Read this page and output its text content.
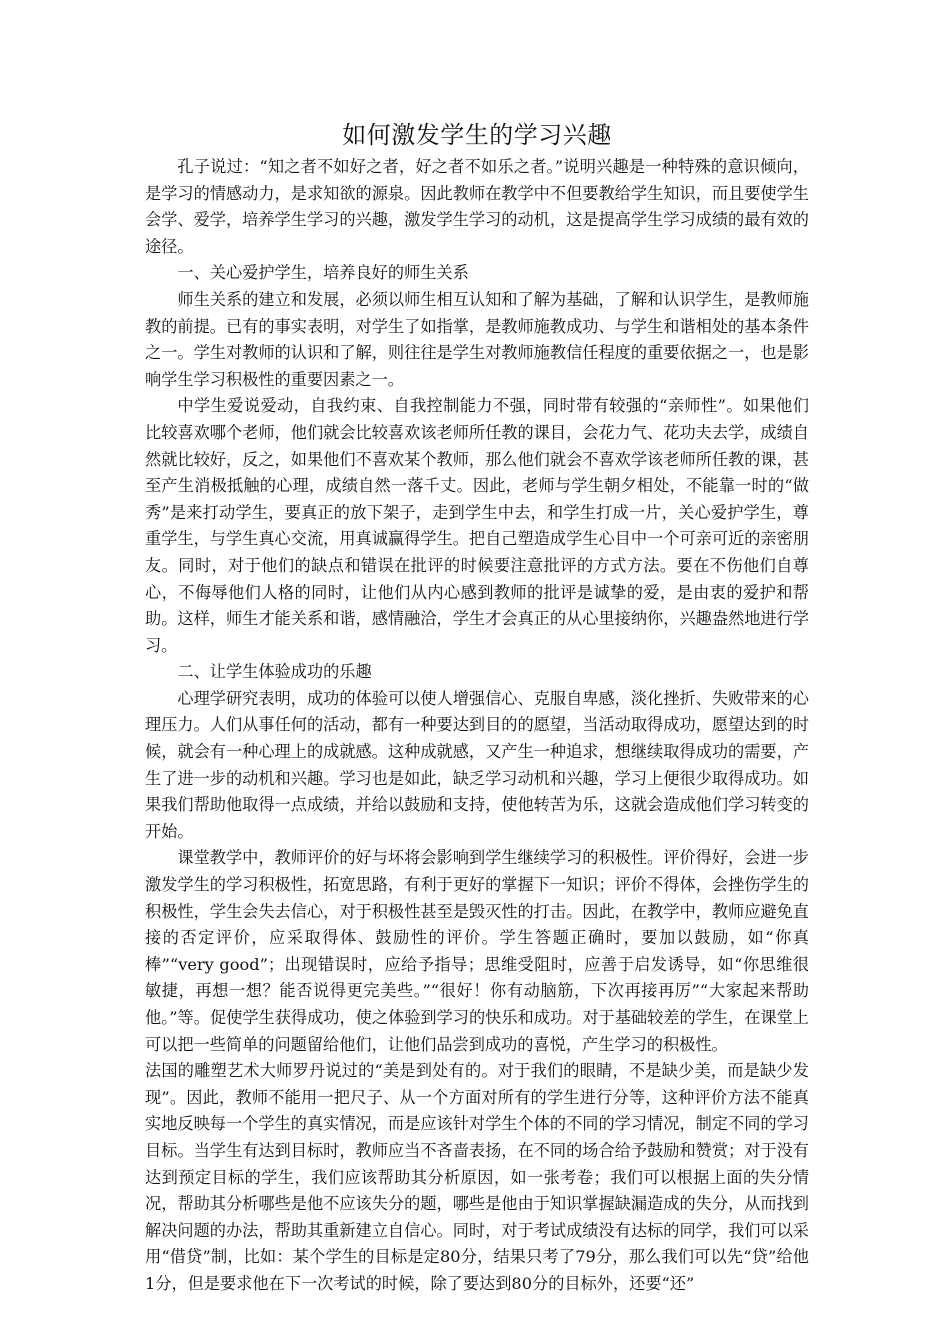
如何激发学生的学习兴趣

孔子说过：“知之者不如好之者，好之者不如乐之者。”说明兴趣是一种特殊的意识倾向，是学习的情感动力，是求知欲的源泉。因此教师在教学中不但要教给学生知识，而且要使学生会学、爱学，培养学生学习的兴趣，激发学生学习的动机，这是提高学生学习成绩的最有效的途径。

一、关心爱护学生，培养良好的师生关系

师生关系的建立和发展，必须以师生相互认知和了解为基础，了解和认识学生，是教师施教的前提。已有的事实表明，对学生了如指掌，是教师施教成功、与学生和谐相处的基本条件之一。学生对教师的认识和了解，则往往是学生对教师施教信任程度的重要依据之一，也是影响学生学习积极性的重要因素之一。

中学生爱说爱动，自我约束、自我控制能力不强，同时带有较强的“亲师性”。如果他们比较喜欢哪个老师，他们就会比较喜欢该老师所任教的课目，会花力气、花功夫去学，成绩自然就比较好，反之，如果他们不喜欢某个教师，那么他们就会不喜欢学该老师所任教的课，甚至产生消极抵触的心理，成绩自然一落千丈。因此，老师与学生朝夕相处，不能靠一时的“做秀”是来打动学生，要真正的放下架子，走到学生中去，和学生打成一片，关心爱护学生，尊重学生，与学生真心交流，用真诚赢得学生。把自己塑造成学生心目中一个可亲可近的亲密朋友。同时，对于他们的缺点和错误在批评的时候要注意批评的方式方法。要在不伤他们自尊心，不侮辱他们人格的同时，让他们从内心感到教师的批评是诚挚的爱，是由衷的爱护和帮助。这样，师生才能关系和谐，感情融洽，学生才会真正的从心里接纳你，兴趣盎然地进行学习。

二、让学生体验成功的乐趣

心理学研究表明，成功的体验可以使人增强信心、克服自卑感，淡化挫折、失败带来的心理压力。人们从事任何的活动，都有一种要达到目的的愿望，当活动取得成功，愿望达到的时候，就会有一种心理上的成就感。这种成就感，又产生一种追求，想继续取得成功的需要，产生了进一步的动机和兴趣。学习也是如此，缺乏学习动机和兴趣，学习上便很少取得成功。如果我们帮助他取得一点成绩，并给以鼓励和支持，使他转苦为乐，这就会造成他们学习转变的开始。

课堂教学中，教师评价的好与坏将会影响到学生继续学习的积极性。评价得好，会进一步激发学生的学习积极性，拓宽思路，有利于更好的掌握下一知识；评价不得体，会挫伤学生的积极性，学生会失去信心，对于积极性甚至是毁灭性的打击。因此，在教学中，教师应避免直接的否定评价，应采取得体、鼓励性的评价。学生答题正确时，要加以鼓励，如“你真棒”“very good”；出现错误时，应给予指导；思维受阻时，应善于启发诱导，如“你思维很敏捷，再想一想？能否说得更完美些。”“很好！你有动脑筋，下次再接再厉”“大家起来帮助他。”等。促使学生获得成功，使之体验到学习的快乐和成功。对于基础较差的学生，在课堂上可以把一些简单的问题留给他们，让他们品尝到成功的喜悦，产生学习的积极性。

法国的雕塑艺术大师罗丹说过的“美是到处有的。对于我们的眼睛，不是缺少美，而是缺少发现”。因此，教师不能用一把尺子、从一个方面对所有的学生进行分等，这种评价方法不能真实地反映每一个学生的真实情况，而是应该针对学生个体的不同的学习情况，制定不同的学习目标。当学生有达到目标时，教师应当不吝啬表扬，在不同的场合给予鼓励和赞赏；对于没有达到预定目标的学生，我们应该帮助其分析原因，如一张考卷；我们可以根据上面的失分情况，帮助其分析哪些是他不应该失分的题，哪些是他由于知识掌握缺漏造成的失分，从而找到解决问题的办法，帮助其重新建立自信心。同时，对于考试成绩没有达标的同学，我们可以采用“借贷”制，比如：某个学生的目标是定80分，结果只考了79分，那么我们可以先“贷”给他1分，但是要求他在下一次考试的时候，除了要达到80分的目标外，还要“还”
